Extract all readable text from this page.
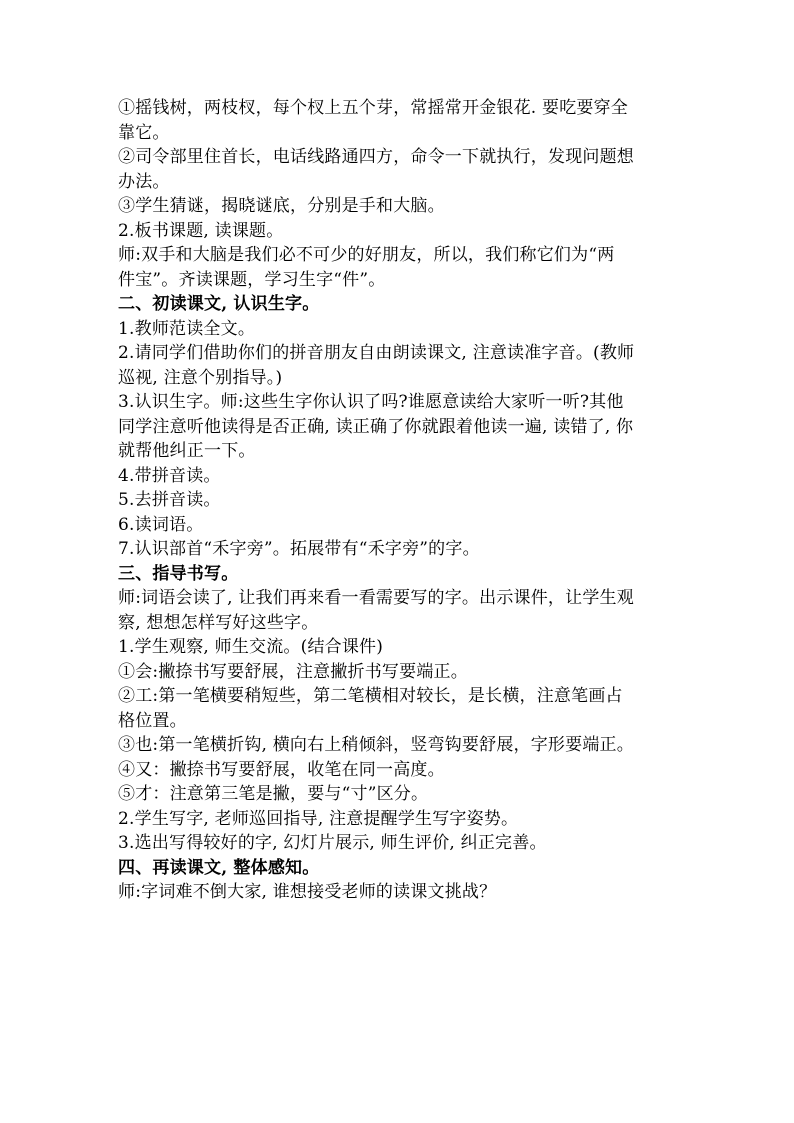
①摇钱树，两枝杈，每个杈上五个芽，常摇常开金银花. 要吃要穿全
靠它。
②司令部里住首长，电话线路通四方，命令一下就执行，发现问题想
办法。
③学生猜谜，揭晓谜底，分别是手和大脑。
2.板书课题, 读课题。
师:双手和大脑是我们必不可少的好朋友，所以，我们称它们为“两
件宝”。齐读课题，学习生字“件”。
二、初读课文, 认识生字。
1.教师范读全文。
2.请同学们借助你们的拼音朋友自由朗读课文, 注意读准字音。(教师
巡视, 注意个别指导。)
3.认识生字。师:这些生字你认识了吗?谁愿意读给大家听一听?其他
同学注意听他读得是否正确, 读正确了你就跟着他读一遍, 读错了, 你
就帮他纠正一下。
4.带拼音读。
5.去拼音读。
6.读词语。
7.认识部首“禾字旁”。拓展带有“禾字旁”的字。
三、指导书写。
师:词语会读了, 让我们再来看一看需要写的字。出示课件，让学生观
察, 想想怎样写好这些字。
1.学生观察, 师生交流。(结合课件)
①会:撇捺书写要舒展，注意撇折书写要端正。
②工:第一笔横要稍短些，第二笔横相对较长，是长横，注意笔画占
格位置。
③也:第一笔横折钩, 横向右上稍倾斜，竖弯钩要舒展，字形要端正。
④又：撇捺书写要舒展，收笔在同一高度。
⑤才：注意第三笔是撇，要与“寸”区分。
2.学生写字, 老师巡回指导, 注意提醒学生写字姿势。
3.选出写得较好的字, 幻灯片展示, 师生评价, 纠正完善。
四、再读课文, 整体感知。
师:字词难不倒大家, 谁想接受老师的读课文挑战？
